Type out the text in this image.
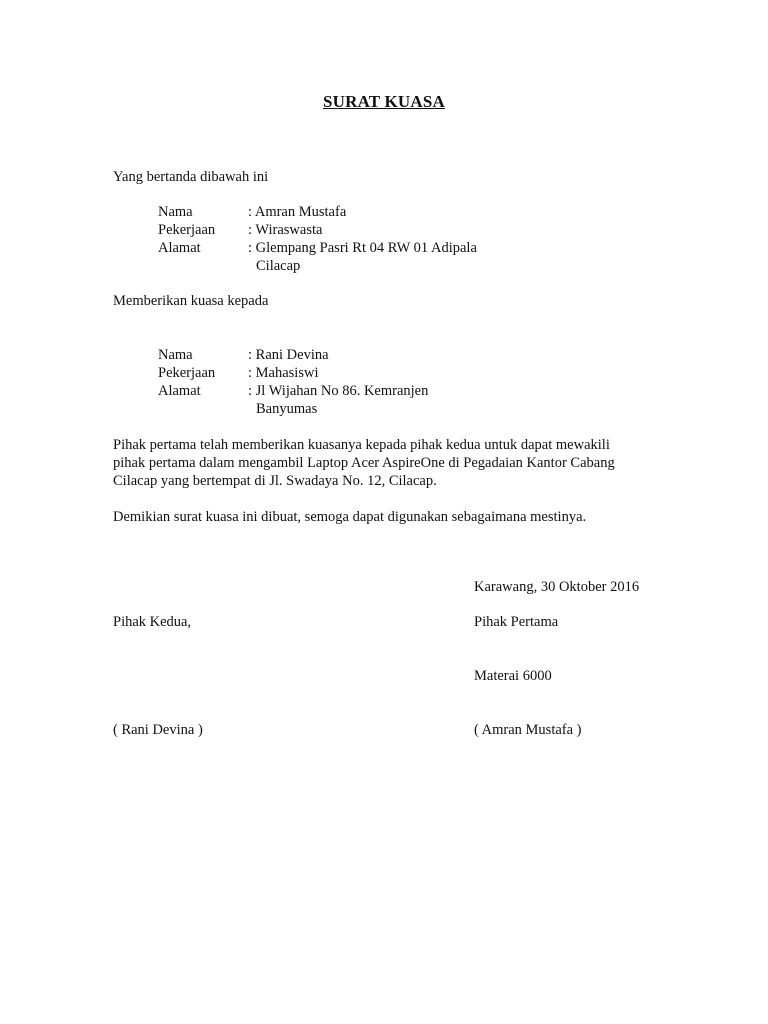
SURAT KUASA
Yang bertanda dibawah ini
Nama	: Amran Mustafa
Pekerjaan : Wiraswasta
Alamat	: Glempang Pasri Rt 04 RW 01 Adipala
Cilacap
Memberikan kuasa kepada
Nama	: Rani Devina
Pekerjaan : Mahasiswi
Alamat	: Jl Wijahan No 86. Kemranjen
Banyumas
Pihak pertama telah memberikan kuasanya kepada pihak kedua untuk dapat mewakili
pihak pertama dalam mengambil Laptop Acer AspireOne di Pegadaian Kantor Cabang
Cilacap yang bertempat di Jl. Swadaya No. 12, Cilacap.
Demikian surat kuasa ini dibuat, semoga dapat digunakan sebagaimana mestinya.
Karawang, 30 Oktober 2016
Pihak Kedua,	Pihak Pertama
Materai 6000
( Rani Devina )	( Amran Mustafa )
